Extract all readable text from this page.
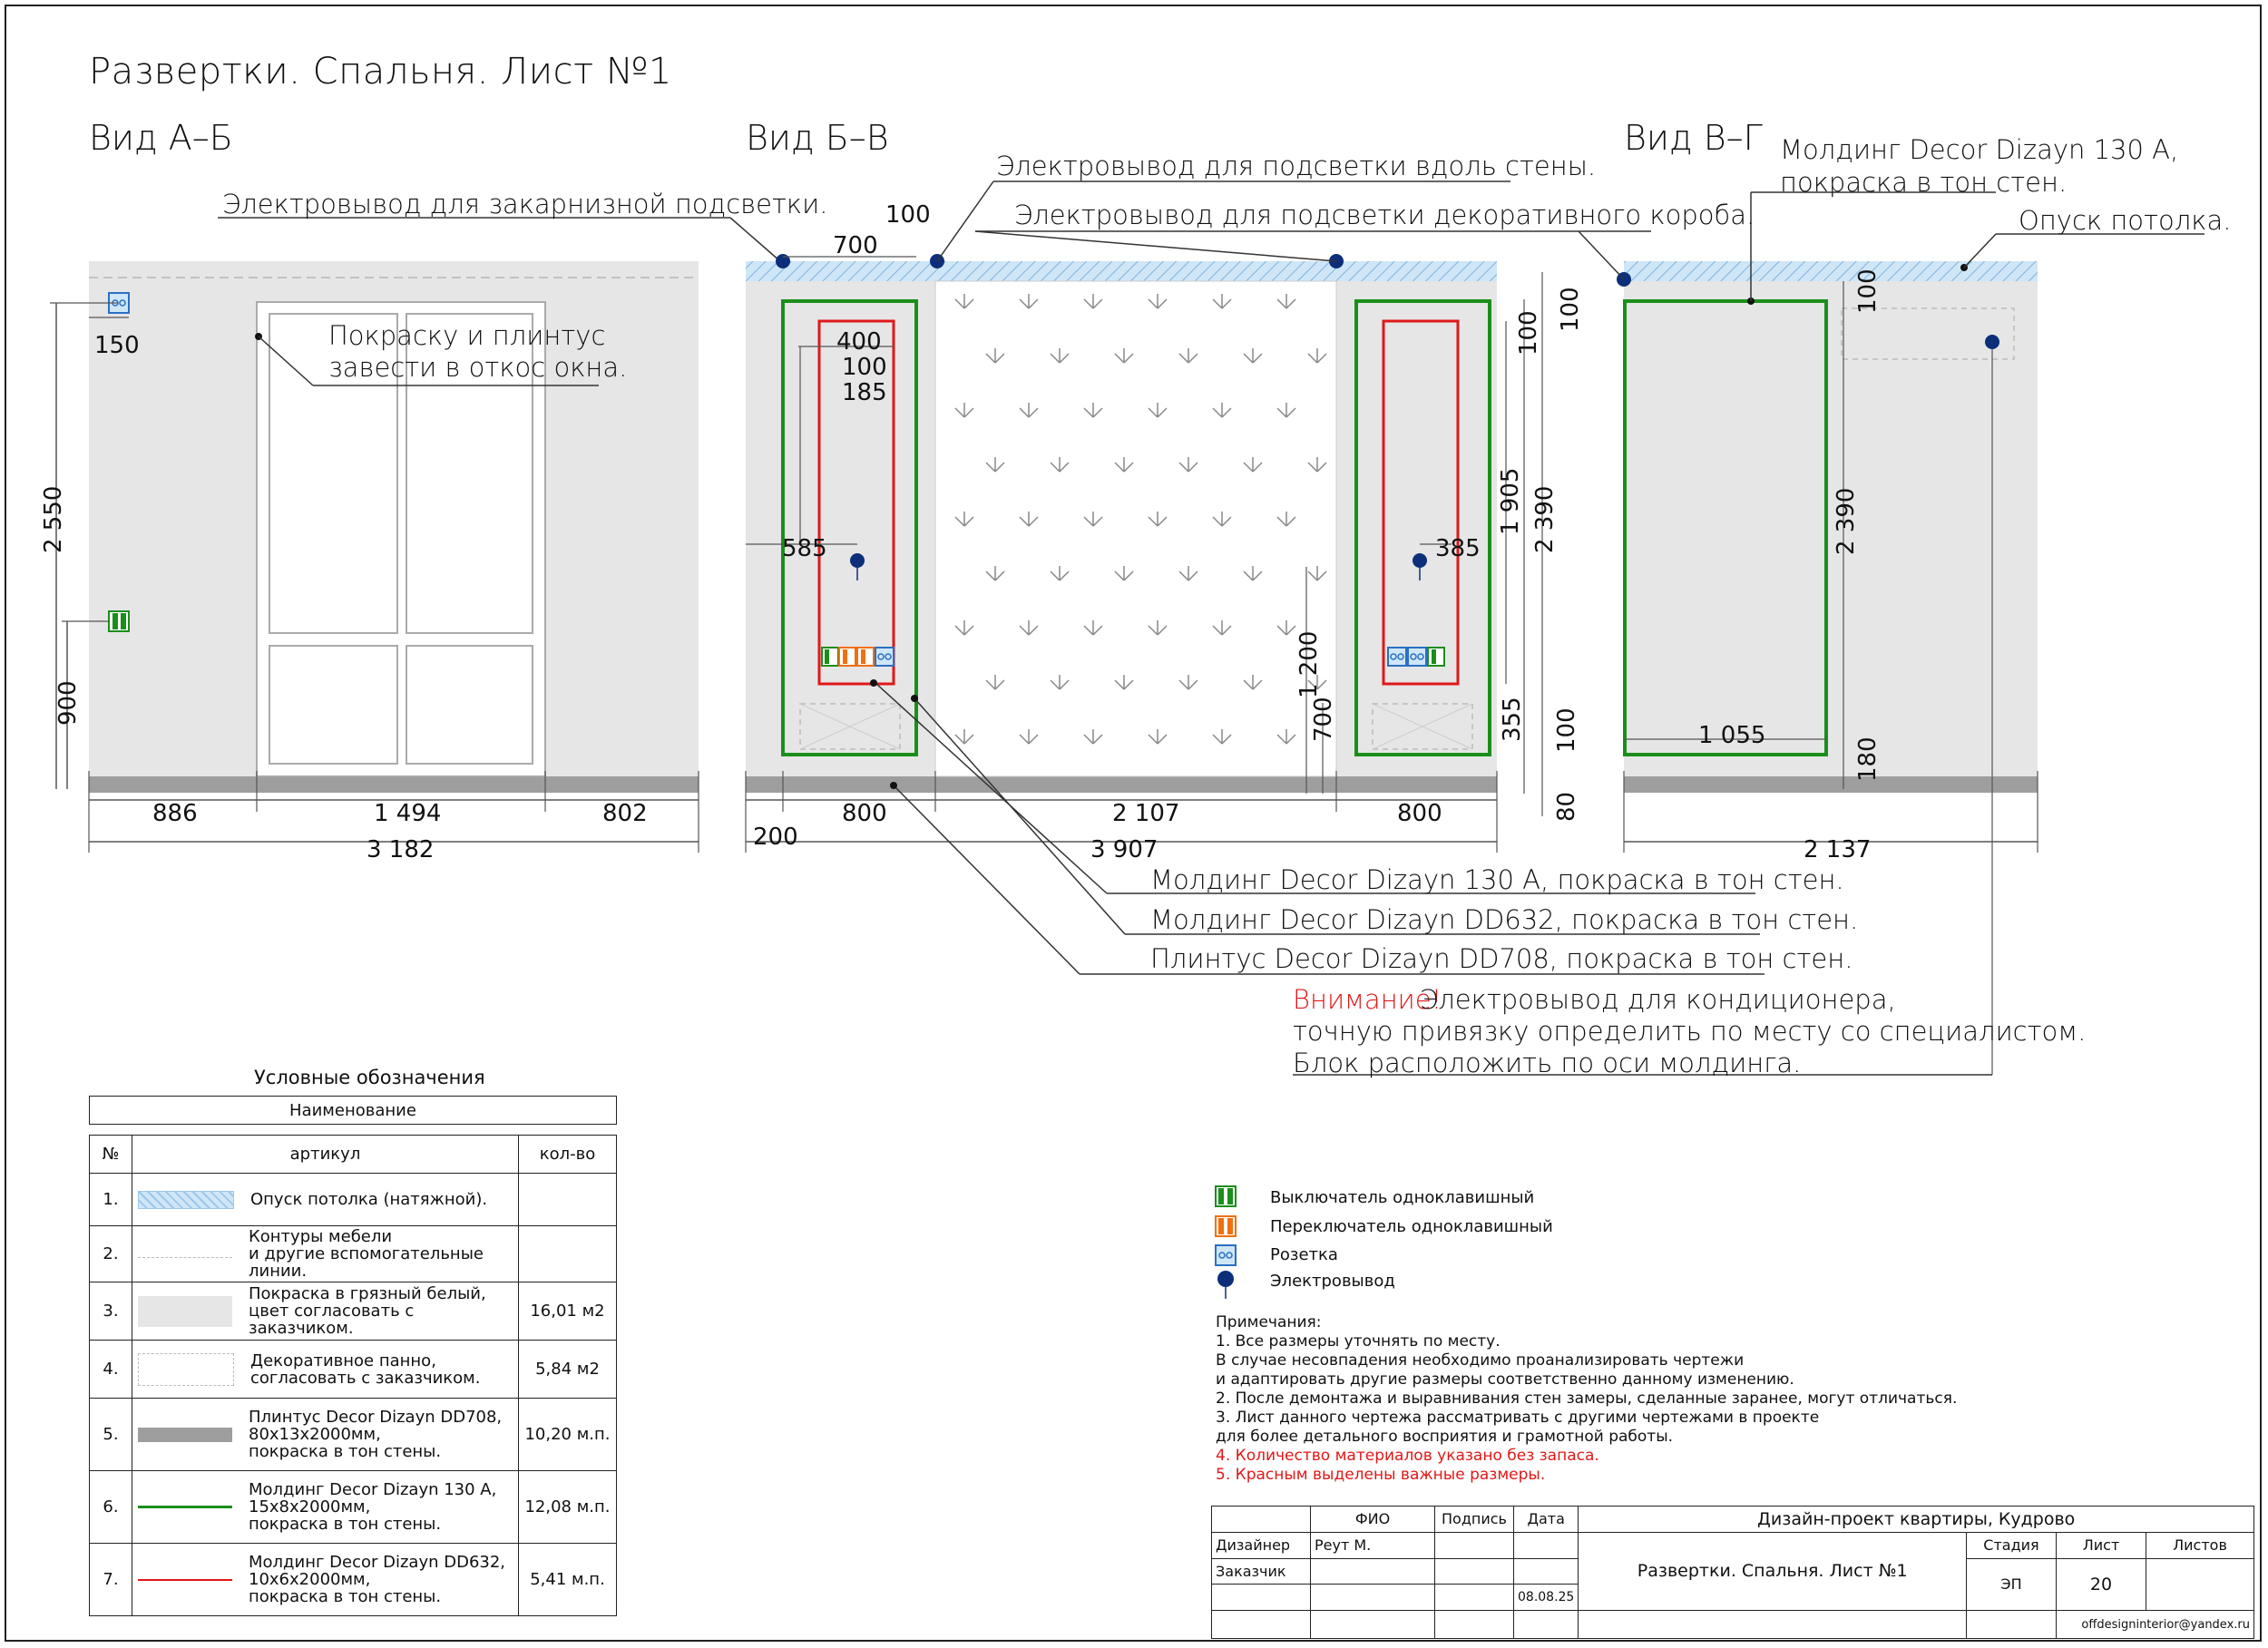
Развертки. Спальня. Лист №1
Вид А–Б	Вид Б–В	Вид В–Г
Электровывод для закарнизной подсветки.
Электровывод для подсветки вдоль стены.
Электровывод для подсветки декоративного короба.
Молдинг Decor Dizayn 130 A,
покраска в тон стен.
Опуск потолка.
Покраску и плинтус
завести в откос окна.
Молдинг Decor Dizayn 130 A, покраска в тон стен.
Молдинг Decor Dizayn DD632, покраска в тон стен.
Плинтус Decor Dizayn DD708, покраска в тон стен.
Внимание!
Электровывод для кондиционера,
точную привязку определить по месту со специалистом.
Блок расположить по оси молдинга.
150
2 550
900
886	1 494	802
3 182
100
700
400
100
185
585
200
800	2 107	800
3 907
385
1 905 2 390
100
100
1 200
700	355 100
80
100
2 390
1 055
180
2 137
Условные обозначения
Наименование
№	артикул	кол-во
1.	Опуск потолка (натяжной).	

2.	Контуры мебели
и другие вспомогательные линии.	

3.	Покраска в грязный белый,
цвет согласовать с заказчиком.	16,01 м2
4.	Декоративное панно,
согласовать с заказчиком.	5,84 м2
5.	Плинтус Decor Dizayn DD708,
80х13х2000мм,
покраска в тон стены.	10,20 м.п.
6.	Молдинг Decor Dizayn 130 A,
15х8х2000мм,
покраска в тон стены.	12,08 м.п.
7.	Молдинг Decor Dizayn DD632,
10х6х2000мм,
покраска в тон стены.	5,41 м.п.
Выключатель одноклавишный
Переключатель одноклавишный
Розетка
Электровывод
Примечания:
1. Все размеры уточнять по месту.
В случае несовпадения необходимо проанализировать чертежи
и адаптировать другие размеры соответственно данному изменению.
2. После демонтажа и выравнивания стен замеры, сделанные заранее, могут отличаться.
3. Лист данного чертежа рассматривать с другими чертежами в проекте
для более детального восприятия и грамотной работы.
4. Количество материалов указано без запаса.
5. Красным выделены важные размеры.
	ФИО	Подпись	Дата	Дизайн-проект квартиры, Кудрово			
Дизайнер	Реут М.			Развертки. Спальня. Лист №1	Стадия	Лист	Листов
Заказчик					ЭП	20	
			08.08.25				
						offdesigninterior@yandex.ru	
